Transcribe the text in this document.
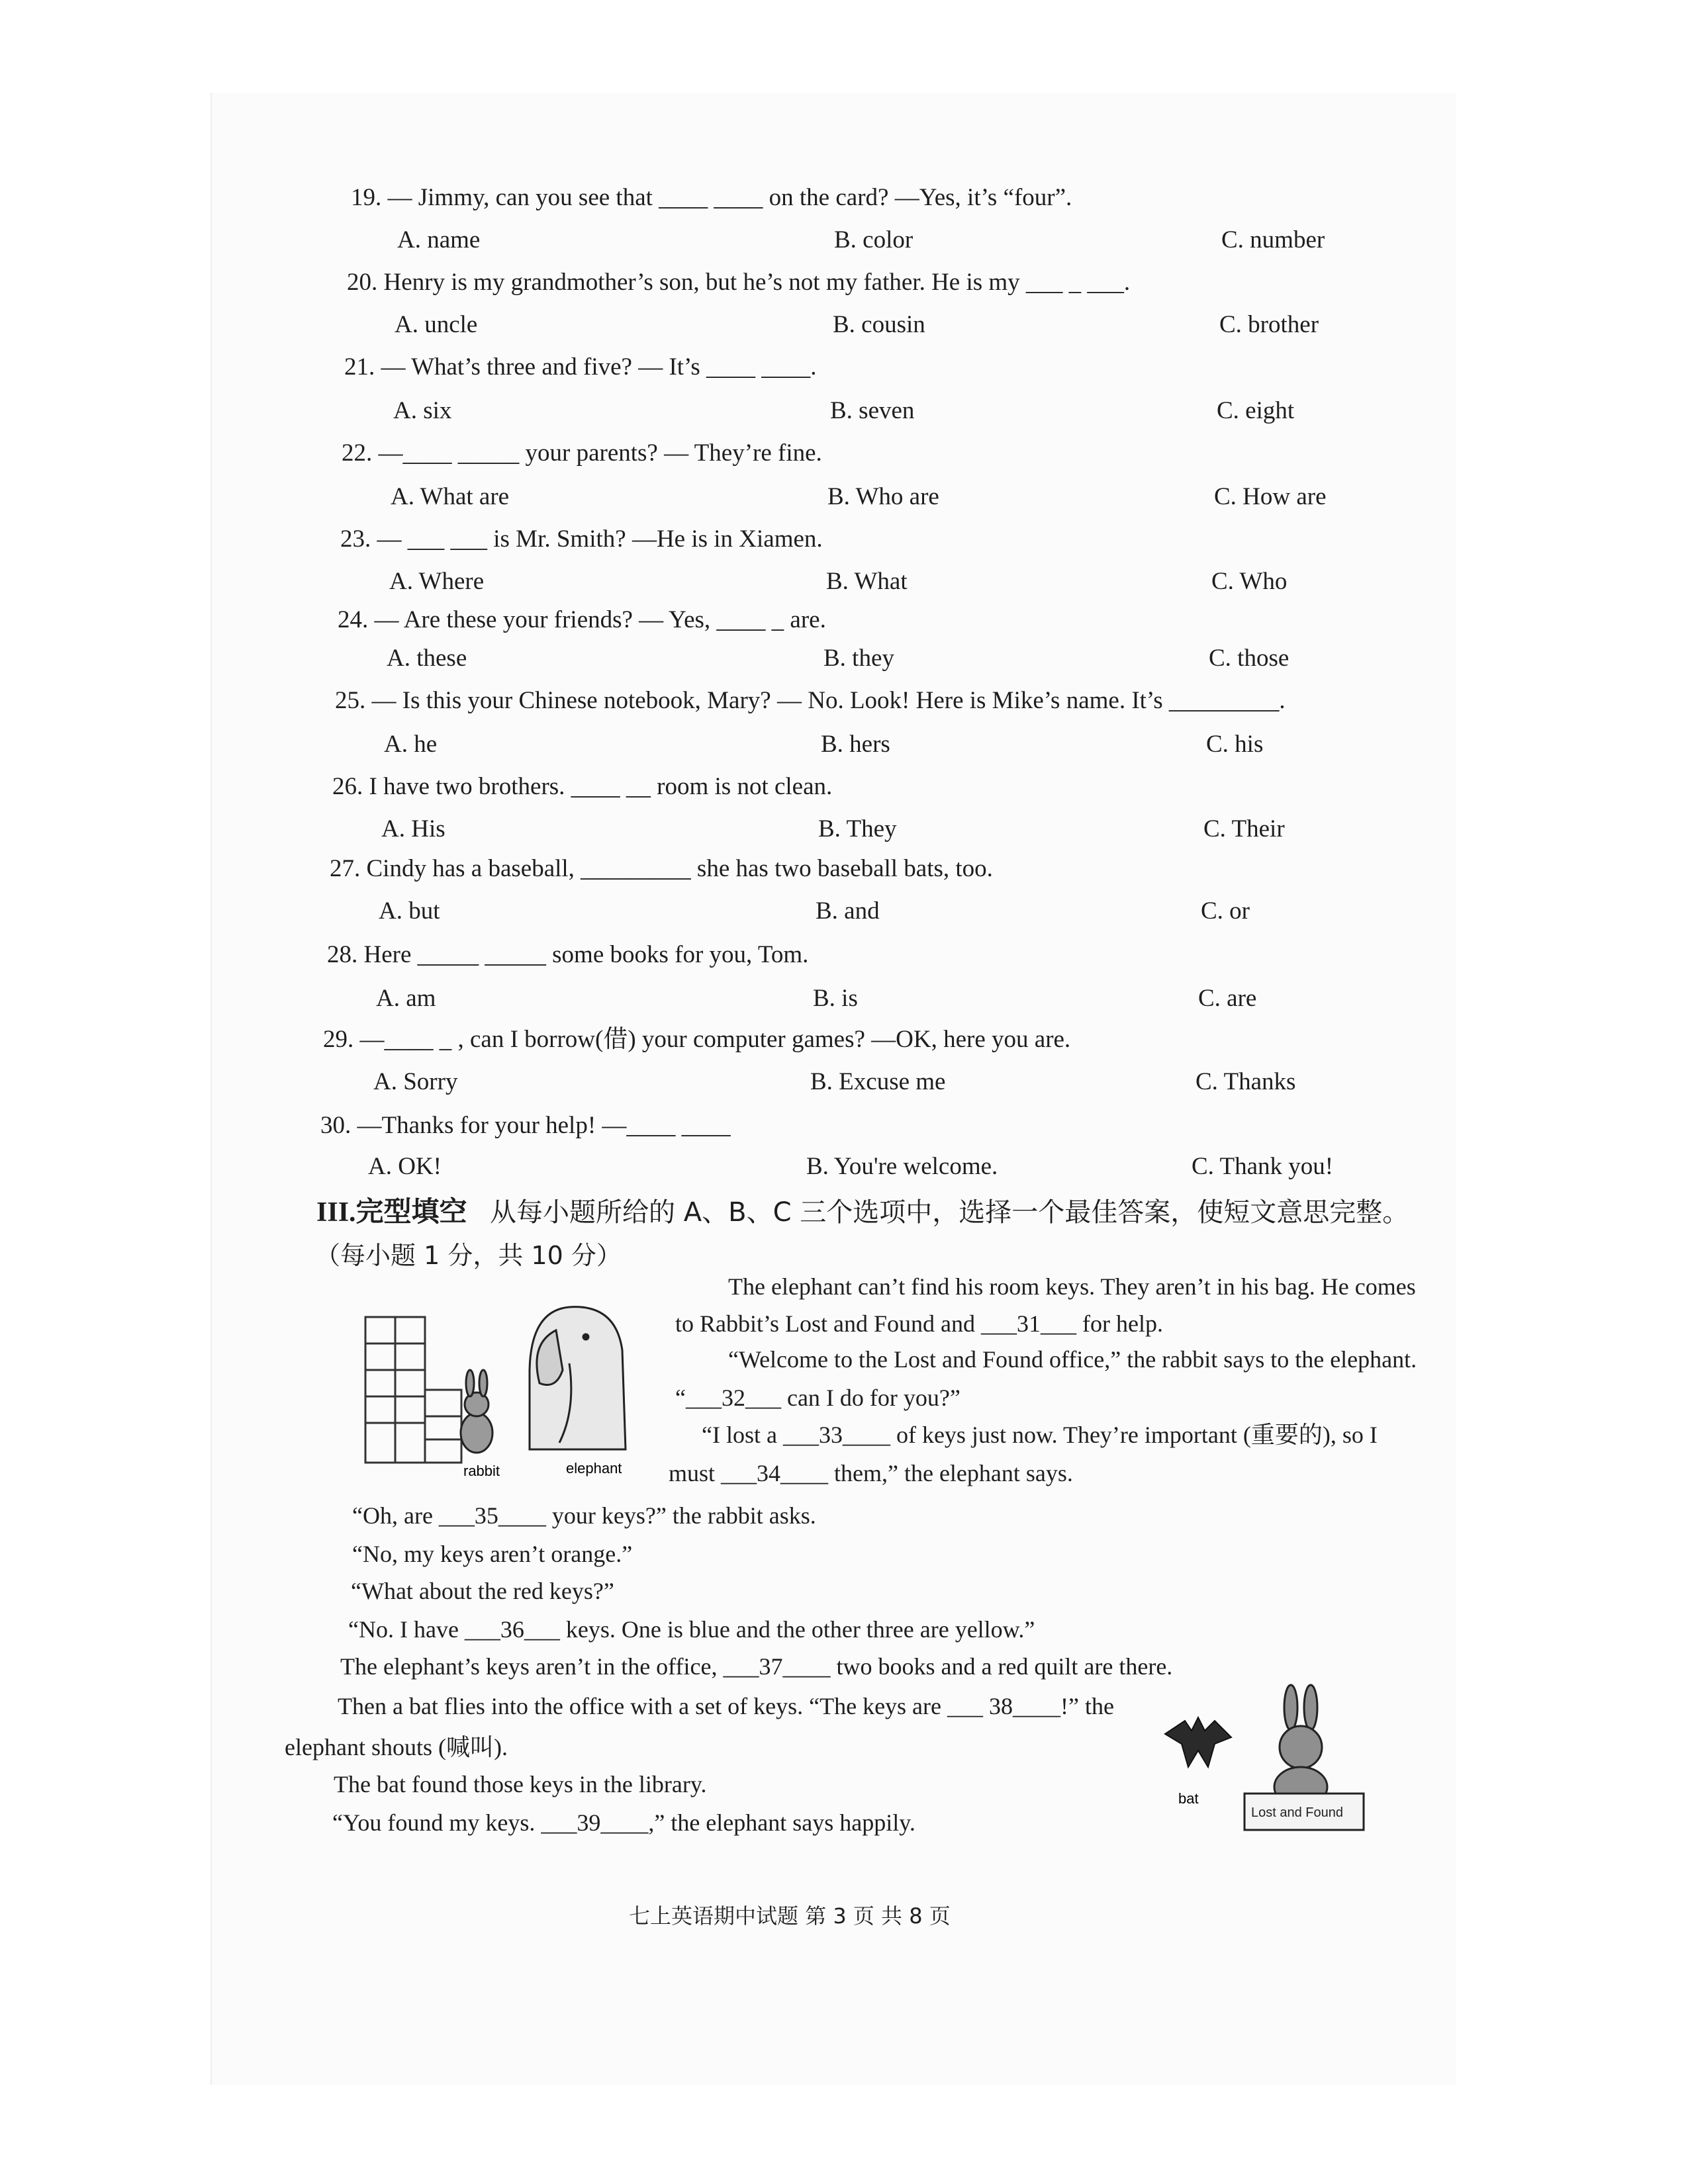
19. — Jimmy, can you see that ____ ____ on the card? —Yes, it’s “four”.
A. name	B. color	C. number
20. Henry is my grandmother’s son, but he’s not my father. He is my ___ _ ___.
A. uncle	B. cousin	C. brother
21. — What’s three and five? — It’s ____ ____.
A. six	B. seven	C. eight
22. —____ _____ your parents? — They’re fine.
A. What are	B. Who are	C. How are
23. — ___ ___ is Mr. Smith? —He is in Xiamen.
A. Where	B. What	C. Who
24. — Are these your friends? — Yes, ____ _ are.
A. these	B. they	C. those
25. — Is this your Chinese notebook, Mary? — No. Look! Here is Mike’s name. It’s _________.
A. he	B. hers	C. his
26. I have two brothers. ____ __ room is not clean.
A. His	B. They	C. Their
27. Cindy has a baseball, _________ she has two baseball bats, too.
A. but	B. and	C. or
28. Here _____ _____ some books for you, Tom.
A. am	B. is	C. are
29. —____ _ , can I borrow(借) your computer games? —OK, here you are.
A. Sorry	B. Excuse me	C. Thanks
30. —Thanks for your help! —____ ____
A. OK!	B. You're welcome.	C. Thank you!
III.完型填空 从每小题所给的 A、B、C 三个选项中，选择一个最佳答案，使短文意思完整。
（每小题 1 分，共 10 分）
rabbit	elephant
The elephant can’t find his room keys. They aren’t in his bag. He comes
to Rabbit’s Lost and Found and ___31___ for help.
“Welcome to the Lost and Found office,” the rabbit says to the elephant.
“___32___ can I do for you?”
“I lost a ___33____ of keys just now. They’re important (重要的), so I
must ___34____ them,” the elephant says.
“Oh, are ___35____ your keys?” the rabbit asks.
“No, my keys aren’t orange.”
“What about the red keys?”
“No. I have ___36___ keys. One is blue and the other three are yellow.”
The elephant’s keys aren’t in the office, ___37____ two books and a red quilt are there.
Then a bat flies into the office with a set of keys. “The keys are ___ 38____!” the
elephant shouts (喊叫).
The bat found those keys in the library.
“You found my keys. ___39____,” the elephant says happily.	Lost and Found
bat
七上英语期中试题 第 3 页 共 8 页
